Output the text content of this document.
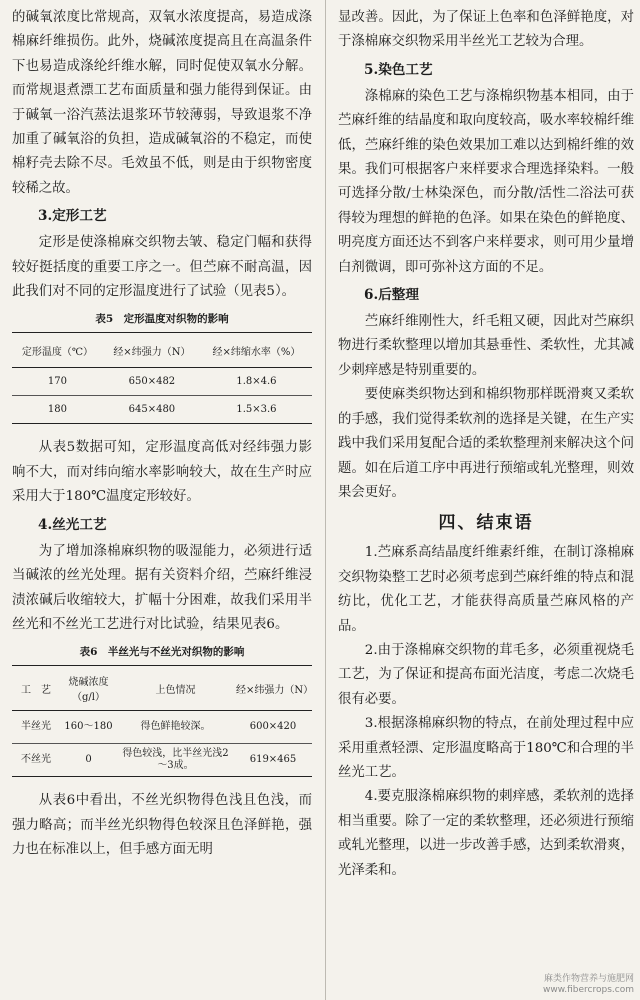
的碱氧浓度比常规高，双氧水浓度提高，易造成涤棉麻纤维损伤。此外，烧碱浓度提高且在高温条件下也易造成涤纶纤维水解，同时促使双氧水分解。而常规退煮漂工艺布面质量和强力能得到保证。由于碱氧一浴汽蒸法退浆环节较薄弱，导致退浆不净加重了碱氧浴的负担，造成碱氧浴的不稳定，而使棉籽壳去除不尽。毛效虽不低，则是由于织物密度较稀之故。

3.定形工艺

定形是使涤棉麻交织物去皱、稳定门幅和获得较好挺括度的重要工序之一。但苎麻不耐高温，因此我们对不同的定形温度进行了试验（见表5）。

表5　定形温度对织物的影响
定形温度（℃）	经×纬强力（N）	经×纬缩水率（%）
170	650×482	1.8×4.6
180	645×480	1.5×3.6

从表5数据可知，定形温度高低对经纬强力影响不大，而对纬向缩水率影响较大，故在生产时应采用大于180℃温度定形较好。

4.丝光工艺

为了增加涤棉麻织物的吸湿能力，必须进行适当碱浓的丝光处理。据有关资料介绍，苎麻纤维浸渍浓碱后收缩较大，扩幅十分困难，故我们采用半丝光和不丝光工艺进行对比试验，结果见表6。

表6　半丝光与不丝光对织物的影响
工　艺	烧碱浓度（g/l）	上色情况	经×纬强力（N）
半丝光	160～180	得色鲜艳较深。	600×420
不丝光	0	得色较浅，比半丝光浅2～3成。	619×465

从表6中看出，不丝光织物得色浅且色浅，而强力略高；而半丝光织物得色较深且色泽鲜艳，强力也在标准以上，但手感方面无明

显改善。因此，为了保证上色率和色泽鲜艳度，对于涤棉麻交织物采用半丝光工艺较为合理。

5.染色工艺

涤棉麻的染色工艺与涤棉织物基本相同，由于苎麻纤维的结晶度和取向度较高，吸水率较棉纤维低，苎麻纤维的染色效果加工难以达到棉纤维的效果。我们可根据客户来样要求合理选择染料。一般可选择分散/士林染深色，而分散/活性二浴法可获得较为理想的鲜艳的色泽。如果在染色的鲜艳度、明亮度方面还达不到客户来样要求，则可用少量增白剂微调，即可弥补这方面的不足。

6.后整理

苎麻纤维刚性大，纤毛粗又硬，因此对苎麻织物进行柔软整理以增加其悬垂性、柔软性，尤其减少刺痒感是特别重要的。

要使麻类织物达到和棉织物那样既滑爽又柔软的手感，我们觉得柔软剂的选择是关键，在生产实践中我们采用复配合适的柔软整理剂来解决这个问题。如在后道工序中再进行预缩或轧光整理，则效果会更好。

四、结束语

1.苎麻系高结晶度纤维素纤维，在制订涤棉麻交织物染整工艺时必须考虑到苎麻纤维的特点和混纺比，优化工艺，才能获得高质量苎麻风格的产品。

2.由于涤棉麻交织物的茸毛多，必须重视烧毛工艺，为了保证和提高布面光洁度，考虑二次烧毛很有必要。

3.根据涤棉麻织物的特点，在前处理过程中应采用重煮轻漂、定形温度略高于180℃和合理的半丝光工艺。

4.要克服涤棉麻织物的刺痒感，柔软剂的选择相当重要。除了一定的柔软整理，还必须进行预缩或轧光整理，以进一步改善手感，达到柔软滑爽，光泽柔和。

麻类作物营养与施肥网
www.fibercrops.com
